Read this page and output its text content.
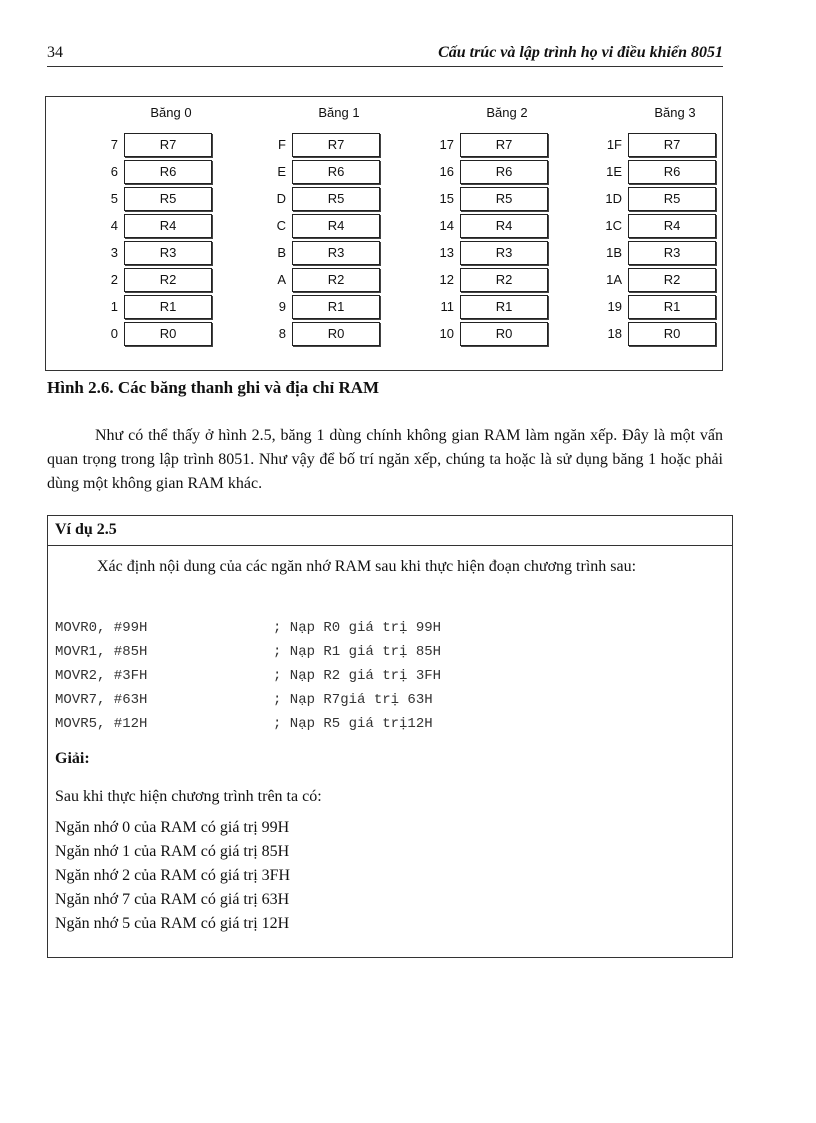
34	Cấu trúc và lập trình họ vi điều khiển 8051
Băng 0
7	R7
6	R6
5	R5
4	R4
3	R3
2	R2
1	R1
0	R0
Băng 1
F	R7
E	R6
D	R5
C	R4
B	R3
A	R2
9	R1
8	R0
Băng 2
17	R7
16	R6
15	R5
14	R4
13	R3
12	R2
11	R1
10	R0
Băng 3
1F	R7
1E	R6
1D	R5
1C	R4
1B	R3
1A	R2
19	R1
18	R0
Hình 2.6. Các băng thanh ghi và địa chỉ RAM

Như có thể thấy ở hình 2.5, băng 1 dùng chính không gian RAM làm ngăn xếp. Đây là một vấn quan trọng trong lập trình 8051. Như vậy để bố trí ngăn xếp, chúng ta hoặc là sử dụng băng 1 hoặc phải dùng một không gian RAM khác.

Ví dụ 2.5
Xác định nội dung của các ngăn nhớ RAM sau khi thực hiện đoạn chương trình sau:
MOVR0, #99H	; Nạp R0 giá trị 99H
MOVR1, #85H	; Nạp R1 giá trị 85H
MOVR2, #3FH	; Nạp R2 giá trị 3FH
MOVR7, #63H	; Nạp R7giá trị 63H
MOVR5, #12H	; Nạp R5 giá trị12H
Giải:
Sau khi thực hiện chương trình trên ta có:
Ngăn nhớ 0 của RAM có giá trị 99H
Ngăn nhớ 1 của RAM có giá trị 85H
Ngăn nhớ 2 của RAM có giá trị 3FH
Ngăn nhớ 7 của RAM có giá trị 63H
Ngăn nhớ 5 của RAM có giá trị 12H
